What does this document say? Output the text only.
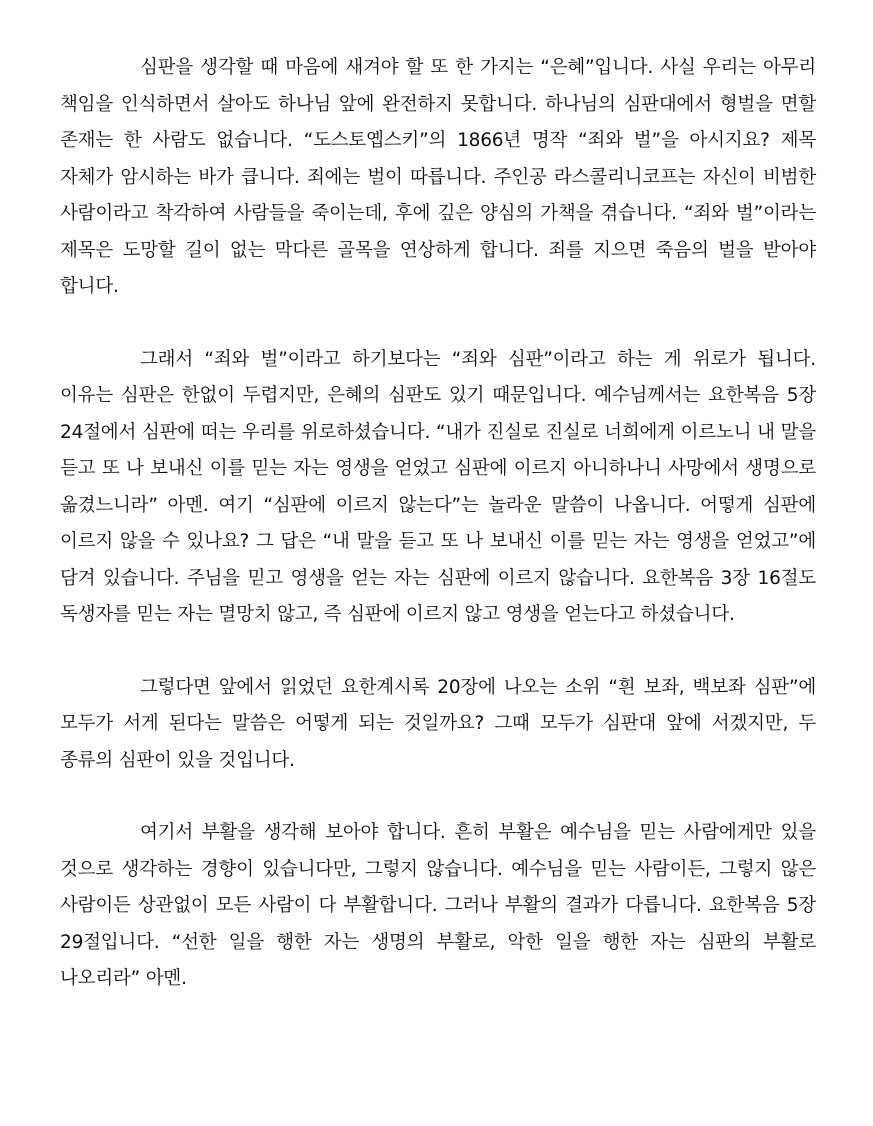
심판을 생각할 때 마음에 새겨야 할 또 한 가지는 “은혜”입니다. 사실 우리는 아무리 책임을 인식하면서 살아도 하나님 앞에 완전하지 못합니다. 하나님의 심판대에서 형벌을 면할 존재는 한 사람도 없습니다. “도스토옙스키”의 1866년 명작 “죄와 벌”을 아시지요? 제목 자체가 암시하는 바가 큽니다. 죄에는 벌이 따릅니다. 주인공 라스콜리니코프는 자신이 비범한 사람이라고 착각하여 사람들을 죽이는데, 후에 깊은 양심의 가책을 겪습니다. “죄와 벌”이라는 제목은 도망할 길이 없는 막다른 골목을 연상하게 합니다. 죄를 지으면 죽음의 벌을 받아야 합니다.

그래서 “죄와 벌”이라고 하기보다는 “죄와 심판”이라고 하는 게 위로가 됩니다. 이유는 심판은 한없이 두렵지만, 은혜의 심판도 있기 때문입니다. 예수님께서는 요한복음 5장 24절에서 심판에 떠는 우리를 위로하셨습니다. “내가 진실로 진실로 너희에게 이르노니 내 말을 듣고 또 나 보내신 이를 믿는 자는 영생을 얻었고 심판에 이르지 아니하나니 사망에서 생명으로 옮겼느니라” 아멘. 여기 “심판에 이르지 않는다”는 놀라운 말씀이 나옵니다. 어떻게 심판에 이르지 않을 수 있나요? 그 답은 “내 말을 듣고 또 나 보내신 이를 믿는 자는 영생을 얻었고”에 담겨 있습니다. 주님을 믿고 영생을 얻는 자는 심판에 이르지 않습니다. 요한복음 3장 16절도 독생자를 믿는 자는 멸망치 않고, 즉 심판에 이르지 않고 영생을 얻는다고 하셨습니다.

그렇다면 앞에서 읽었던 요한계시록 20장에 나오는 소위 “흰 보좌, 백보좌 심판”에 모두가 서게 된다는 말씀은 어떻게 되는 것일까요? 그때 모두가 심판대 앞에 서겠지만, 두 종류의 심판이 있을 것입니다.

여기서 부활을 생각해 보아야 합니다. 흔히 부활은 예수님을 믿는 사람에게만 있을 것으로 생각하는 경향이 있습니다만, 그렇지 않습니다. 예수님을 믿는 사람이든, 그렇지 않은 사람이든 상관없이 모든 사람이 다 부활합니다. 그러나 부활의 결과가 다릅니다. 요한복음 5장 29절입니다. “선한 일을 행한 자는 생명의 부활로, 악한 일을 행한 자는 심판의 부활로 나오리라” 아멘.
